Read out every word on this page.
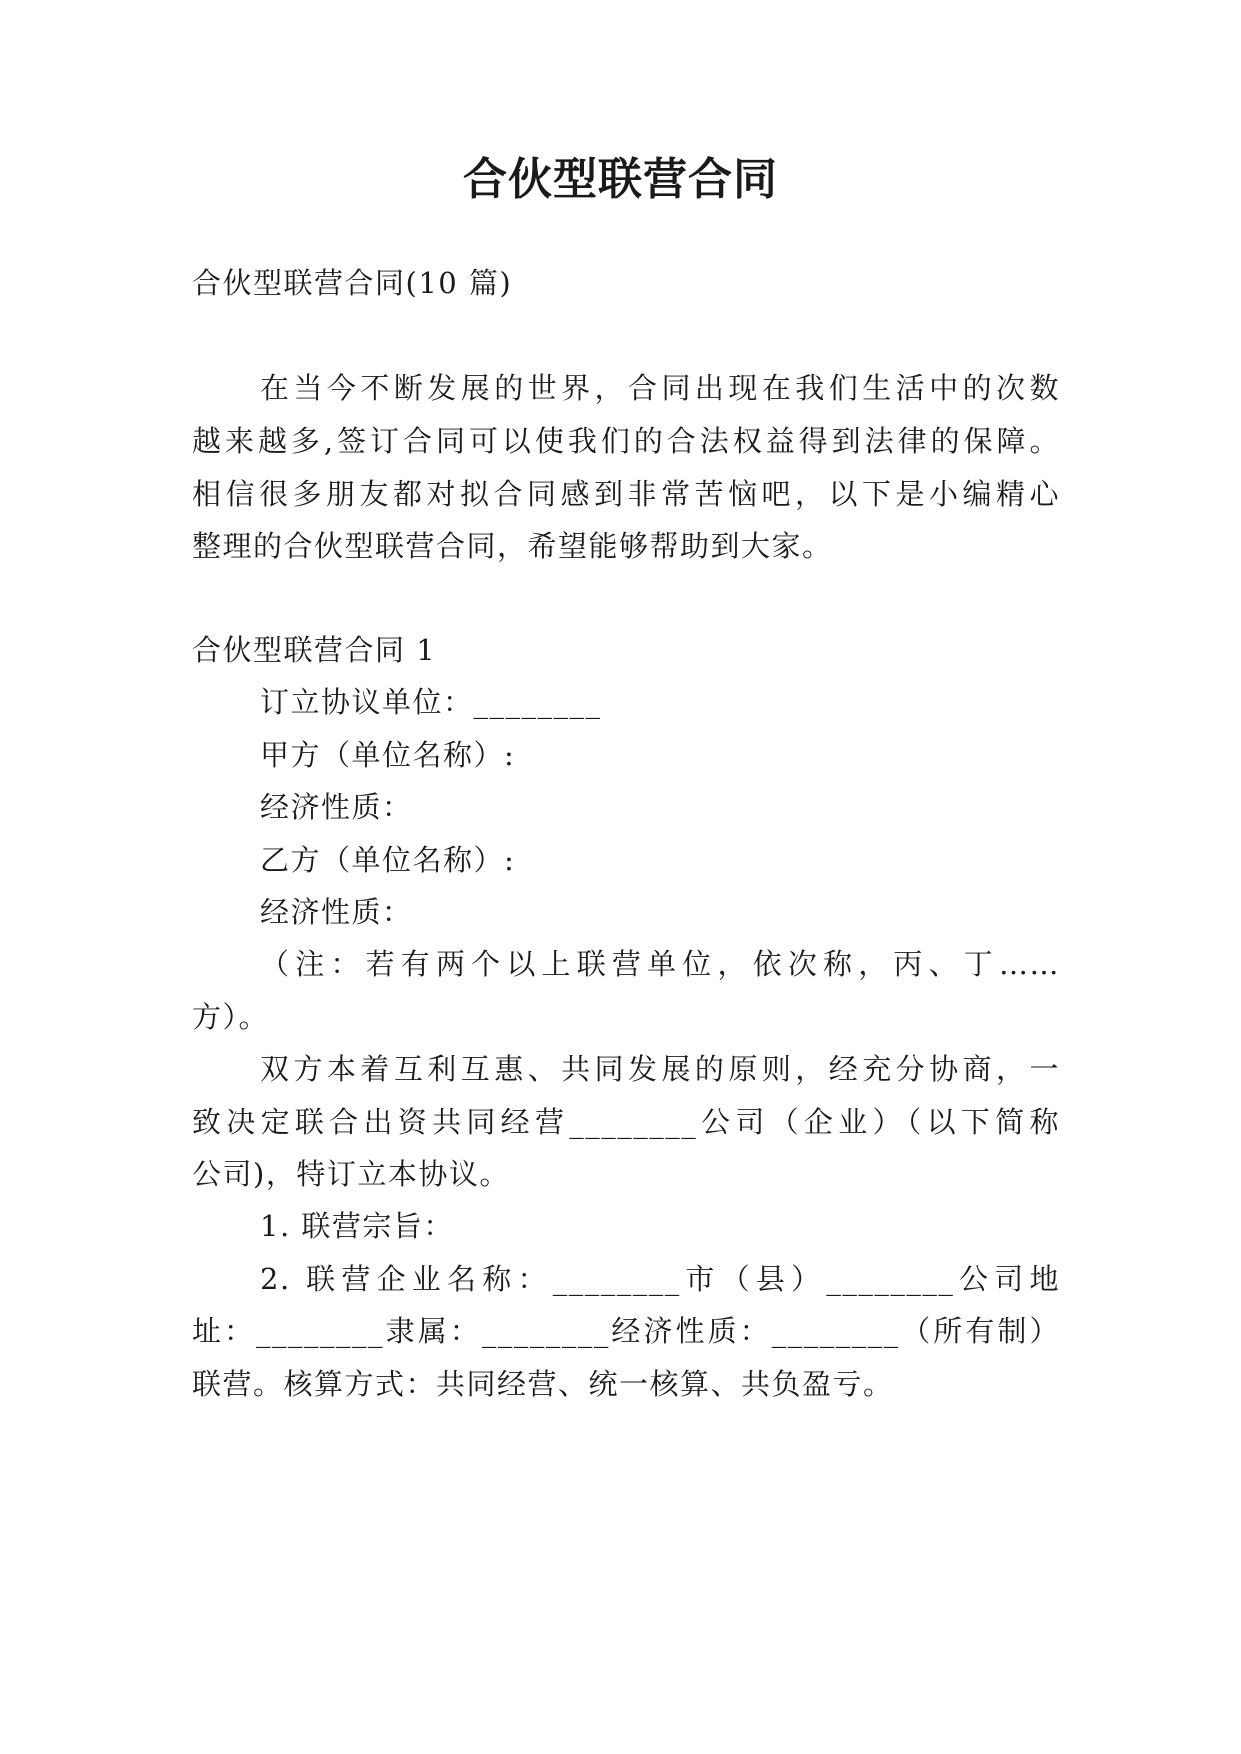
合伙型联营合同

合伙型联营合同(10 篇)

在当今不断发展的世界，合同出现在我们生活中的次数

越来越多,签订合同可以使我们的合法权益得到法律的保障。

相信很多朋友都对拟合同感到非常苦恼吧，以下是小编精心

整理的合伙型联营合同，希望能够帮助到大家。

合伙型联营合同 1

订立协议单位：________

甲方（单位名称）:

经济性质：

乙方（单位名称）:

经济性质：

（注：若有两个以上联营单位，依次称，丙、丁……

方）。

双方本着互利互惠、共同发展的原则，经充分协商，一

致决定联合出资共同经营________公司（企业）（以下简称

公司)，特订立本协议。

1. 联营宗旨：

2. 联营企业名称：________市（县）________公司地

址：________隶属：________经济性质：________（所有制）

联营。核算方式：共同经营、统一核算、共负盈亏。
